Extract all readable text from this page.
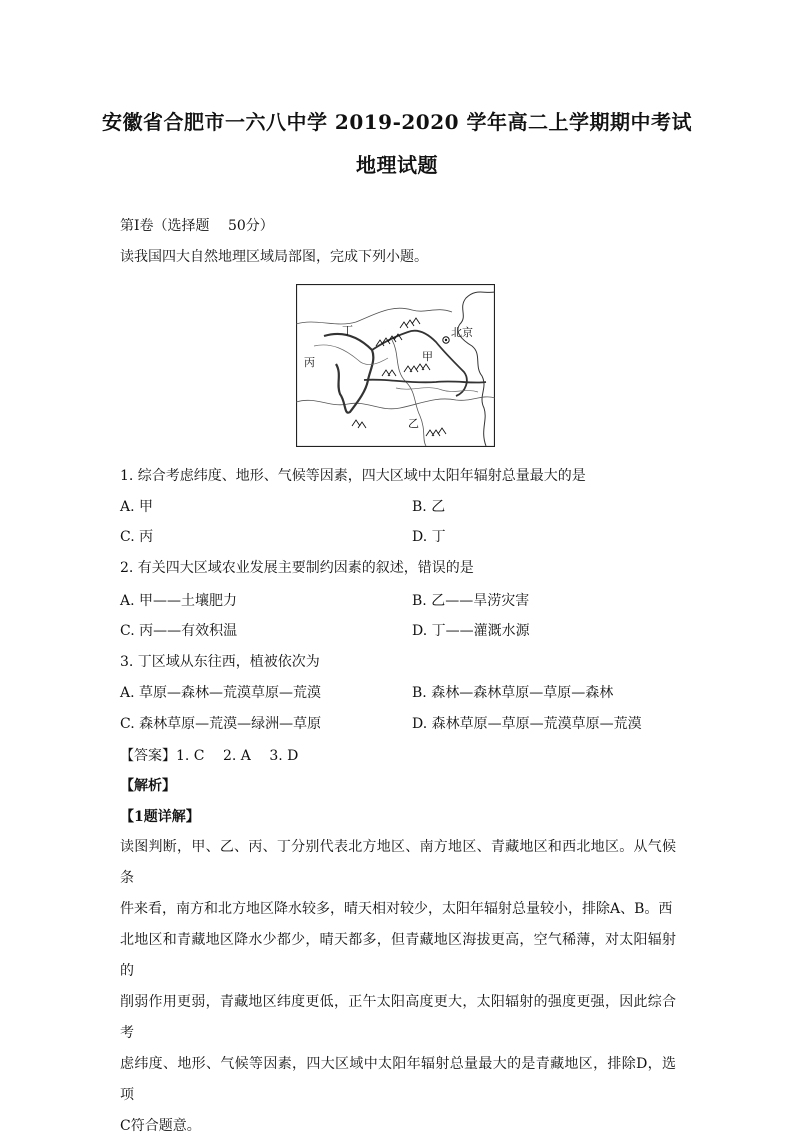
安徽省合肥市一六八中学 2019-2020 学年高二上学期期中考试
地理试题
第Ⅰ卷（选择题　 50分）
读我国四大自然地理区域局部图，完成下列小题。
北京
甲
乙
丙
丁
1. 综合考虑纬度、地形、气候等因素，四大区域中太阳年辐射总量最大的是
A. 甲	B. 乙
C. 丙	D. 丁
2. 有关四大区域农业发展主要制约因素的叙述，错误的是
A. 甲——土壤肥力	B. 乙——旱涝灾害
C. 丙——有效积温	D. 丁——灌溉水源
3. 丁区域从东往西，植被依次为
A. 草原—森林—荒漠草原—荒漠	B. 森林—森林草原—草原—森林
C. 森林草原—荒漠—绿洲—草原	D. 森林草原—草原—荒漠草原—荒漠
【答案】1. C　 2. A　 3. D
【解析】
【1题详解】
读图判断，甲、乙、丙、丁分别代表北方地区、南方地区、青藏地区和西北地区。从气候条
件来看，南方和北方地区降水较多，晴天相对较少，太阳年辐射总量较小，排除A、B。西
北地区和青藏地区降水少都少，晴天都多，但青藏地区海拔更高，空气稀薄，对太阳辐射的
削弱作用更弱，青藏地区纬度更低，正午太阳高度更大，太阳辐射的强度更强，因此综合考
虑纬度、地形、气候等因素，四大区域中太阳年辐射总量最大的是青藏地区，排除D，选项
C符合题意。
